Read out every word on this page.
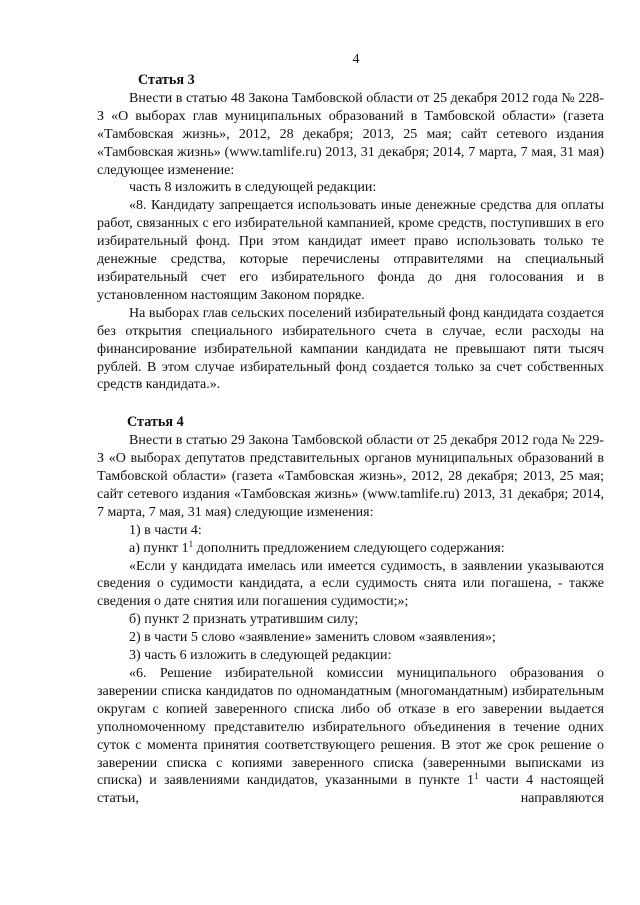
4
Статья 3

Внести в статью 48 Закона Тамбовской области от 25 декабря 2012 года № 228-З «О выборах глав муниципальных образований в Тамбовской области» (газета «Тамбовская жизнь», 2012, 28 декабря; 2013, 25 мая; сайт сетевого издания «Тамбовская жизнь» (www.tamlife.ru) 2013, 31 декабря; 2014, 7 марта, 7 мая, 31 мая) следующее изменение:

часть 8 изложить в следующей редакции:

«8. Кандидату запрещается использовать иные денежные средства для оплаты работ, связанных с его избирательной кампанией, кроме средств, поступивших в его избирательный фонд. При этом кандидат имеет право использовать только те денежные средства, которые перечислены отправителями на специальный избирательный счет его избирательного фонда до дня голосования и в установленном настоящим Законом порядке.

На выборах глав сельских поселений избирательный фонд кандидата создается без открытия специального избирательного счета в случае, если расходы на финансирование избирательной кампании кандидата не превышают пяти тысяч рублей. В этом случае избирательный фонд создается только за счет собственных средств кандидата.».

Статья 4

Внести в статью 29 Закона Тамбовской области от 25 декабря 2012 года № 229-З «О выборах депутатов представительных органов муниципальных образований в Тамбовской области» (газета «Тамбовская жизнь», 2012, 28 декабря; 2013, 25 мая; сайт сетевого издания «Тамбовская жизнь» (www.tamlife.ru) 2013, 31 декабря; 2014, 7 марта, 7 мая, 31 мая) следующие изменения:

1) в части 4:

а) пункт $1^1$ дополнить предложением следующего содержания:

«Если у кандидата имелась или имеется судимость, в заявлении указываются сведения о судимости кандидата, а если судимость снята или погашена, - также сведения о дате снятия или погашения судимости;»;

б) пункт 2 признать утратившим силу;

2) в части 5 слово «заявление» заменить словом «заявления»;

3) часть 6 изложить в следующей редакции:

«6. Решение избирательной комиссии муниципального образования о заверении списка кандидатов по одномандатным (многомандатным) избирательным округам с копией заверенного списка либо об отказе в его заверении выдается уполномоченному представителю избирательного объединения в течение одних суток с момента принятия соответствующего решения. В этот же срок решение о заверении списка с копиями заверенного списка (заверенными выписками из списка) и заявлениями кандидатов, указанными в пункте $1^1$ части 4 настоящей статьи, направляются
